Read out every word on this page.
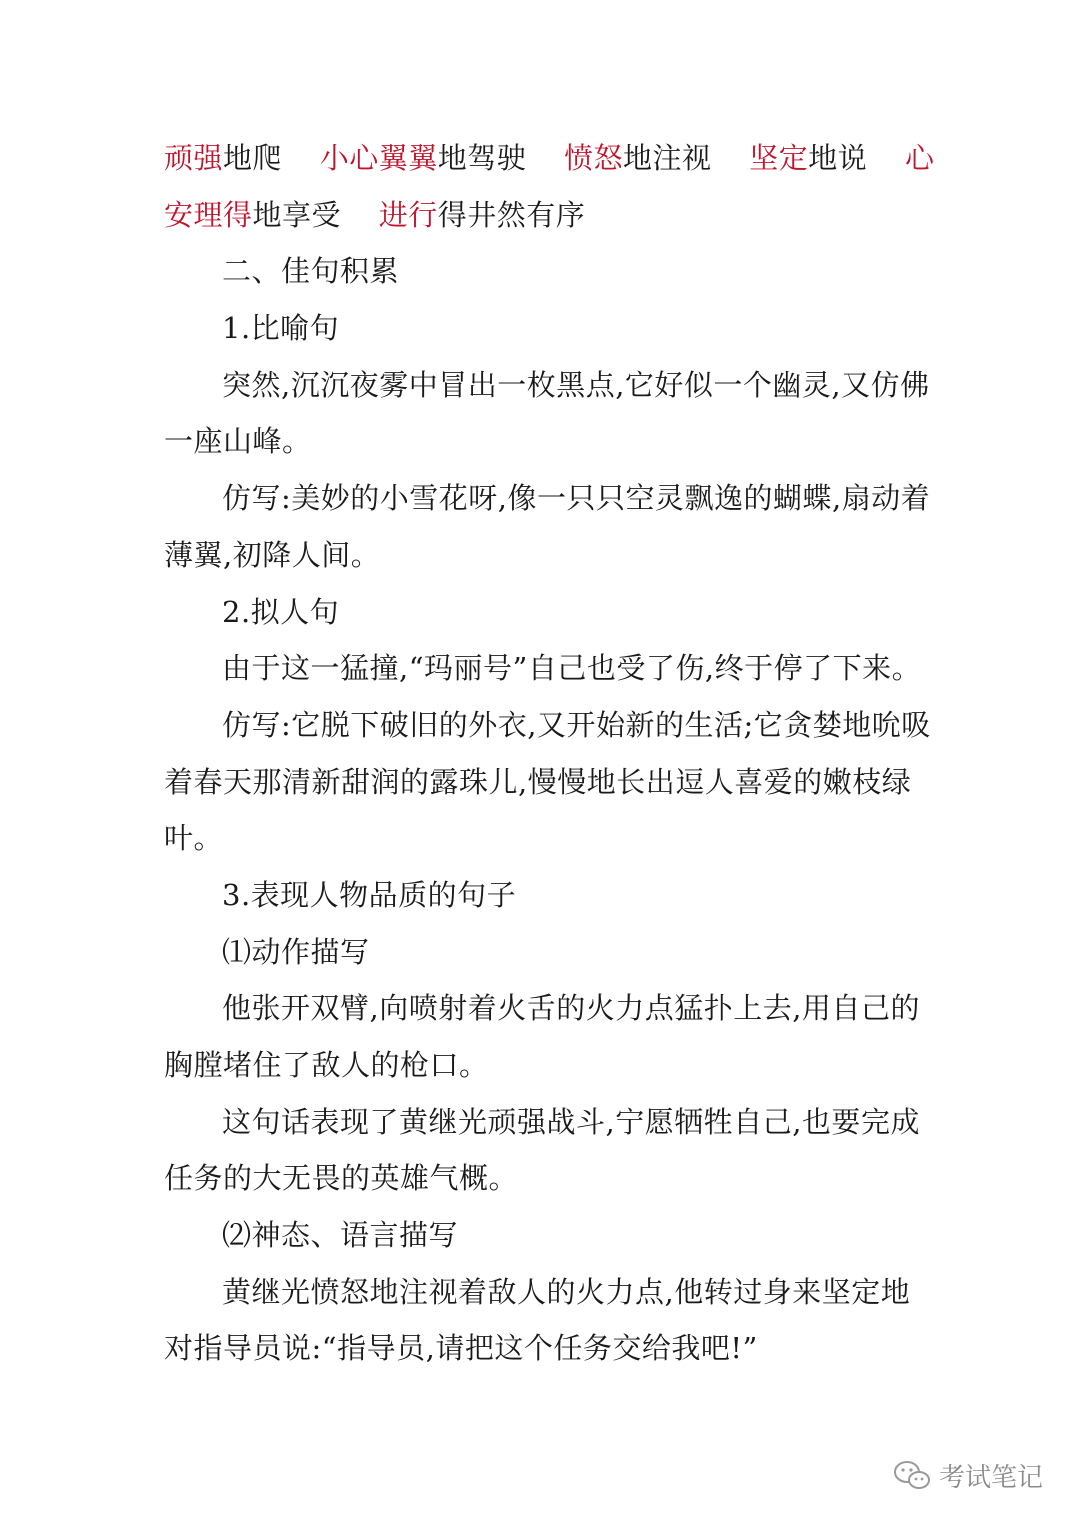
顽强地爬 小心翼翼地驾驶 愤怒地注视 坚定地说 心
安理得地享受 进行得井然有序
二、佳句积累
1.比喻句
突然,沉沉夜雾中冒出一枚黑点,它好似一个幽灵,又仿佛
一座山峰。
仿写:美妙的小雪花呀,像一只只空灵飘逸的蝴蝶,扇动着
薄翼,初降人间。
2.拟人句
由于这一猛撞,“玛丽号”自己也受了伤,终于停了下来。
仿写:它脱下破旧的外衣,又开始新的生活;它贪婪地吮吸
着春天那清新甜润的露珠儿,慢慢地长出逗人喜爱的嫩枝绿
叶。
3.表现人物品质的句子
⑴动作描写
他张开双臂,向喷射着火舌的火力点猛扑上去,用自己的
胸膛堵住了敌人的枪口。
这句话表现了黄继光顽强战斗,宁愿牺牲自己,也要完成
任务的大无畏的英雄气概。
⑵神态、语言描写
黄继光愤怒地注视着敌人的火力点,他转过身来坚定地
对指导员说:“指导员,请把这个任务交给我吧!”
考试笔记
